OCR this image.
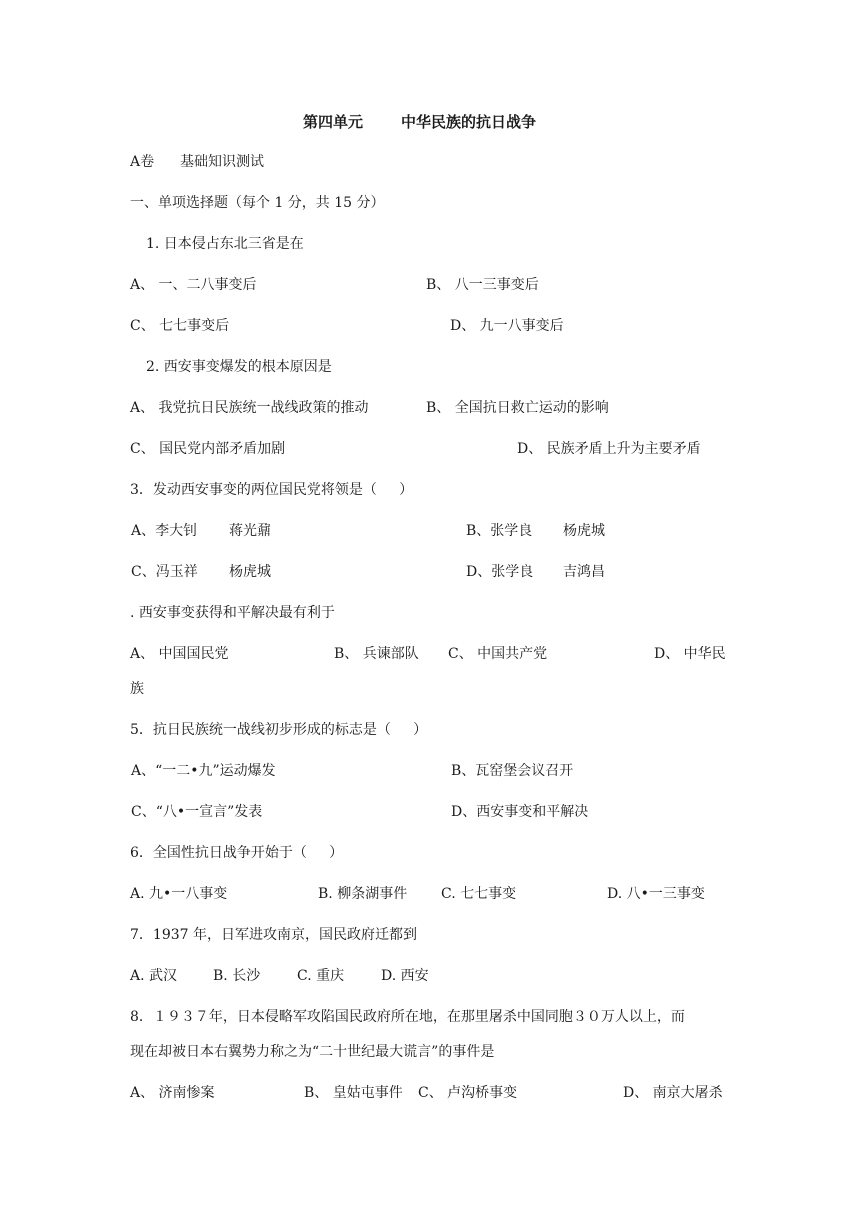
第四单元	中华民族的抗日战争
A卷 基础知识测试
一、单项选择题（每个 1 分，共 15 分）
1. 日本侵占东北三省是在
A、 一、二八事变后	B、 八一三事变后
C、 七七事变后	D、 九一八事变后
2. 西安事变爆发的根本原因是
A、 我党抗日民族统一战线政策的推动	B、 全国抗日救亡运动的影响
C、 国民党内部矛盾加剧	D、 民族矛盾上升为主要矛盾
3．发动西安事变的两位国民党将领是（     ）
A、李大钊 蒋光鼐	B、张学良 杨虎城
C、冯玉祥 杨虎城	D、张学良 吉鸿昌
. 西安事变获得和平解决最有利于
A、 中国国民党	B、 兵谏部队 C、 中国共产党	D、 中华民
族
5．抗日民族统一战线初步形成的标志是（     ）
A、“一二•九”运动爆发	B、瓦窑堡会议召开
C、“八•一宣言”发表	D、西安事变和平解决
6．全国性抗日战争开始于（     ）
A. 九•一八事变	B. 柳条湖事件 C. 七七事变	D. 八•一三事变
7．1937 年，日军进攻南京，国民政府迁都到
A. 武汉	B. 长沙	C. 重庆	D. 西安
8．１９３７年，日本侵略军攻陷国民政府所在地，在那里屠杀中国同胞３０万人以上，而
现在却被日本右翼势力称之为“二十世纪最大谎言”的事件是
A、 济南惨案	B、 皇姑屯事件 C、 卢沟桥事变	D、 南京大屠杀
